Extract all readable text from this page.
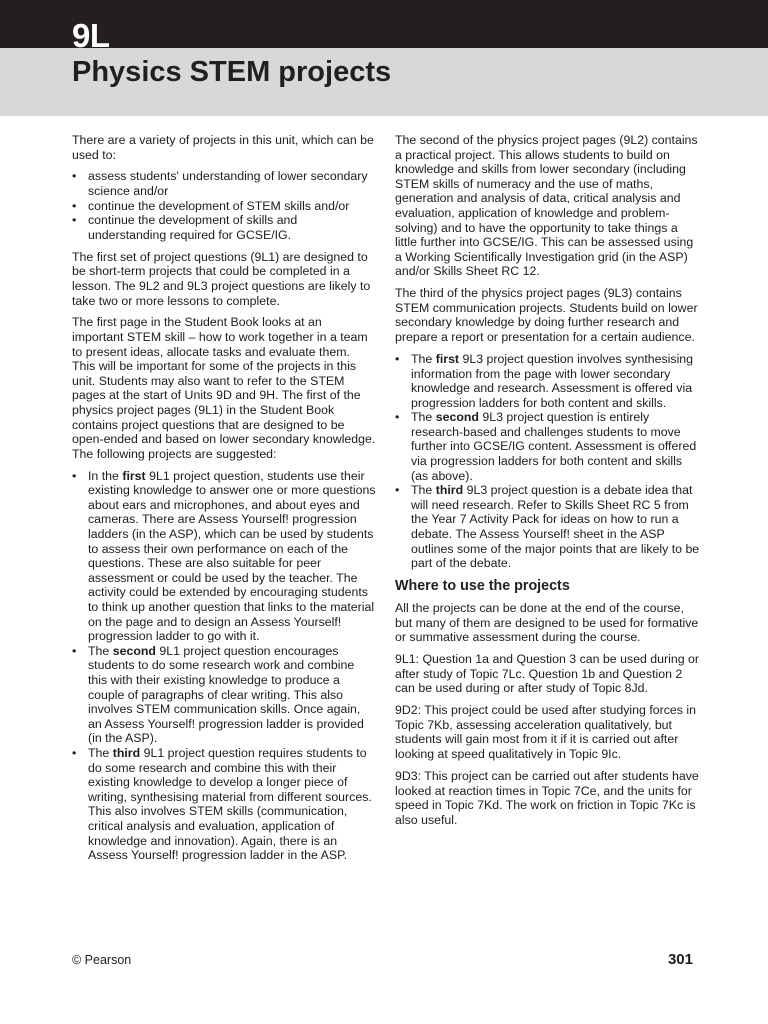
9L
Physics STEM projects

There are a variety of projects in this unit, which can be used to:

• assess students' understanding of lower secondary science and/or
• continue the development of STEM skills and/or
• continue the development of skills and understanding required for GCSE/IG.

The first set of project questions (9L1) are designed to be short-term projects that could be completed in a lesson. The 9L2 and 9L3 project questions are likely to take two or more lessons to complete.

The first page in the Student Book looks at an important STEM skill – how to work together in a team to present ideas, allocate tasks and evaluate them. This will be important for some of the projects in this unit. Students may also want to refer to the STEM pages at the start of Units 9D and 9H. The first of the physics project pages (9L1) in the Student Book contains project questions that are designed to be open-ended and based on lower secondary knowledge. The following projects are suggested:

• In the first 9L1 project question, students use their existing knowledge to answer one or more questions about ears and microphones, and about eyes and cameras. There are Assess Yourself! progression ladders (in the ASP), which can be used by students to assess their own performance on each of the questions. These are also suitable for peer assessment or could be used by the teacher. The activity could be extended by encouraging students to think up another question that links to the material on the page and to design an Assess Yourself! progression ladder to go with it.
• The second 9L1 project question encourages students to do some research work and combine this with their existing knowledge to produce a couple of paragraphs of clear writing. This also involves STEM communication skills. Once again, an Assess Yourself! progression ladder is provided (in the ASP).
• The third 9L1 project question requires students to do some research and combine this with their existing knowledge to develop a longer piece of writing, synthesising material from different sources. This also involves STEM skills (communication, critical analysis and evaluation, application of knowledge and innovation). Again, there is an Assess Yourself! progression ladder in the ASP.

The second of the physics project pages (9L2) contains a practical project. This allows students to build on knowledge and skills from lower secondary (including STEM skills of numeracy and the use of maths, generation and analysis of data, critical analysis and evaluation, application of knowledge and problem-solving) and to have the opportunity to take things a little further into GCSE/IG. This can be assessed using a Working Scientifically Investigation grid (in the ASP) and/or Skills Sheet RC 12.

The third of the physics project pages (9L3) contains STEM communication projects. Students build on lower secondary knowledge by doing further research and prepare a report or presentation for a certain audience.

• The first 9L3 project question involves synthesising information from the page with lower secondary knowledge and research. Assessment is offered via progression ladders for both content and skills.
• The second 9L3 project question is entirely research-based and challenges students to move further into GCSE/IG content. Assessment is offered via progression ladders for both content and skills (as above).
• The third 9L3 project question is a debate idea that will need research. Refer to Skills Sheet RC 5 from the Year 7 Activity Pack for ideas on how to run a debate. The Assess Yourself! sheet in the ASP outlines some of the major points that are likely to be part of the debate.
Where to use the projects

All the projects can be done at the end of the course, but many of them are designed to be used for formative or summative assessment during the course.

9L1: Question 1a and Question 3 can be used during or after study of Topic 7Lc. Question 1b and Question 2 can be used during or after study of Topic 8Jd.

9D2: This project could be used after studying forces in Topic 7Kb, assessing acceleration qualitatively, but students will gain most from it if it is carried out after looking at speed qualitatively in Topic 9Ic.

9D3: This project can be carried out after students have looked at reaction times in Topic 7Ce, and the units for speed in Topic 7Kd. The work on friction in Topic 7Kc is also useful.

© Pearson	301
